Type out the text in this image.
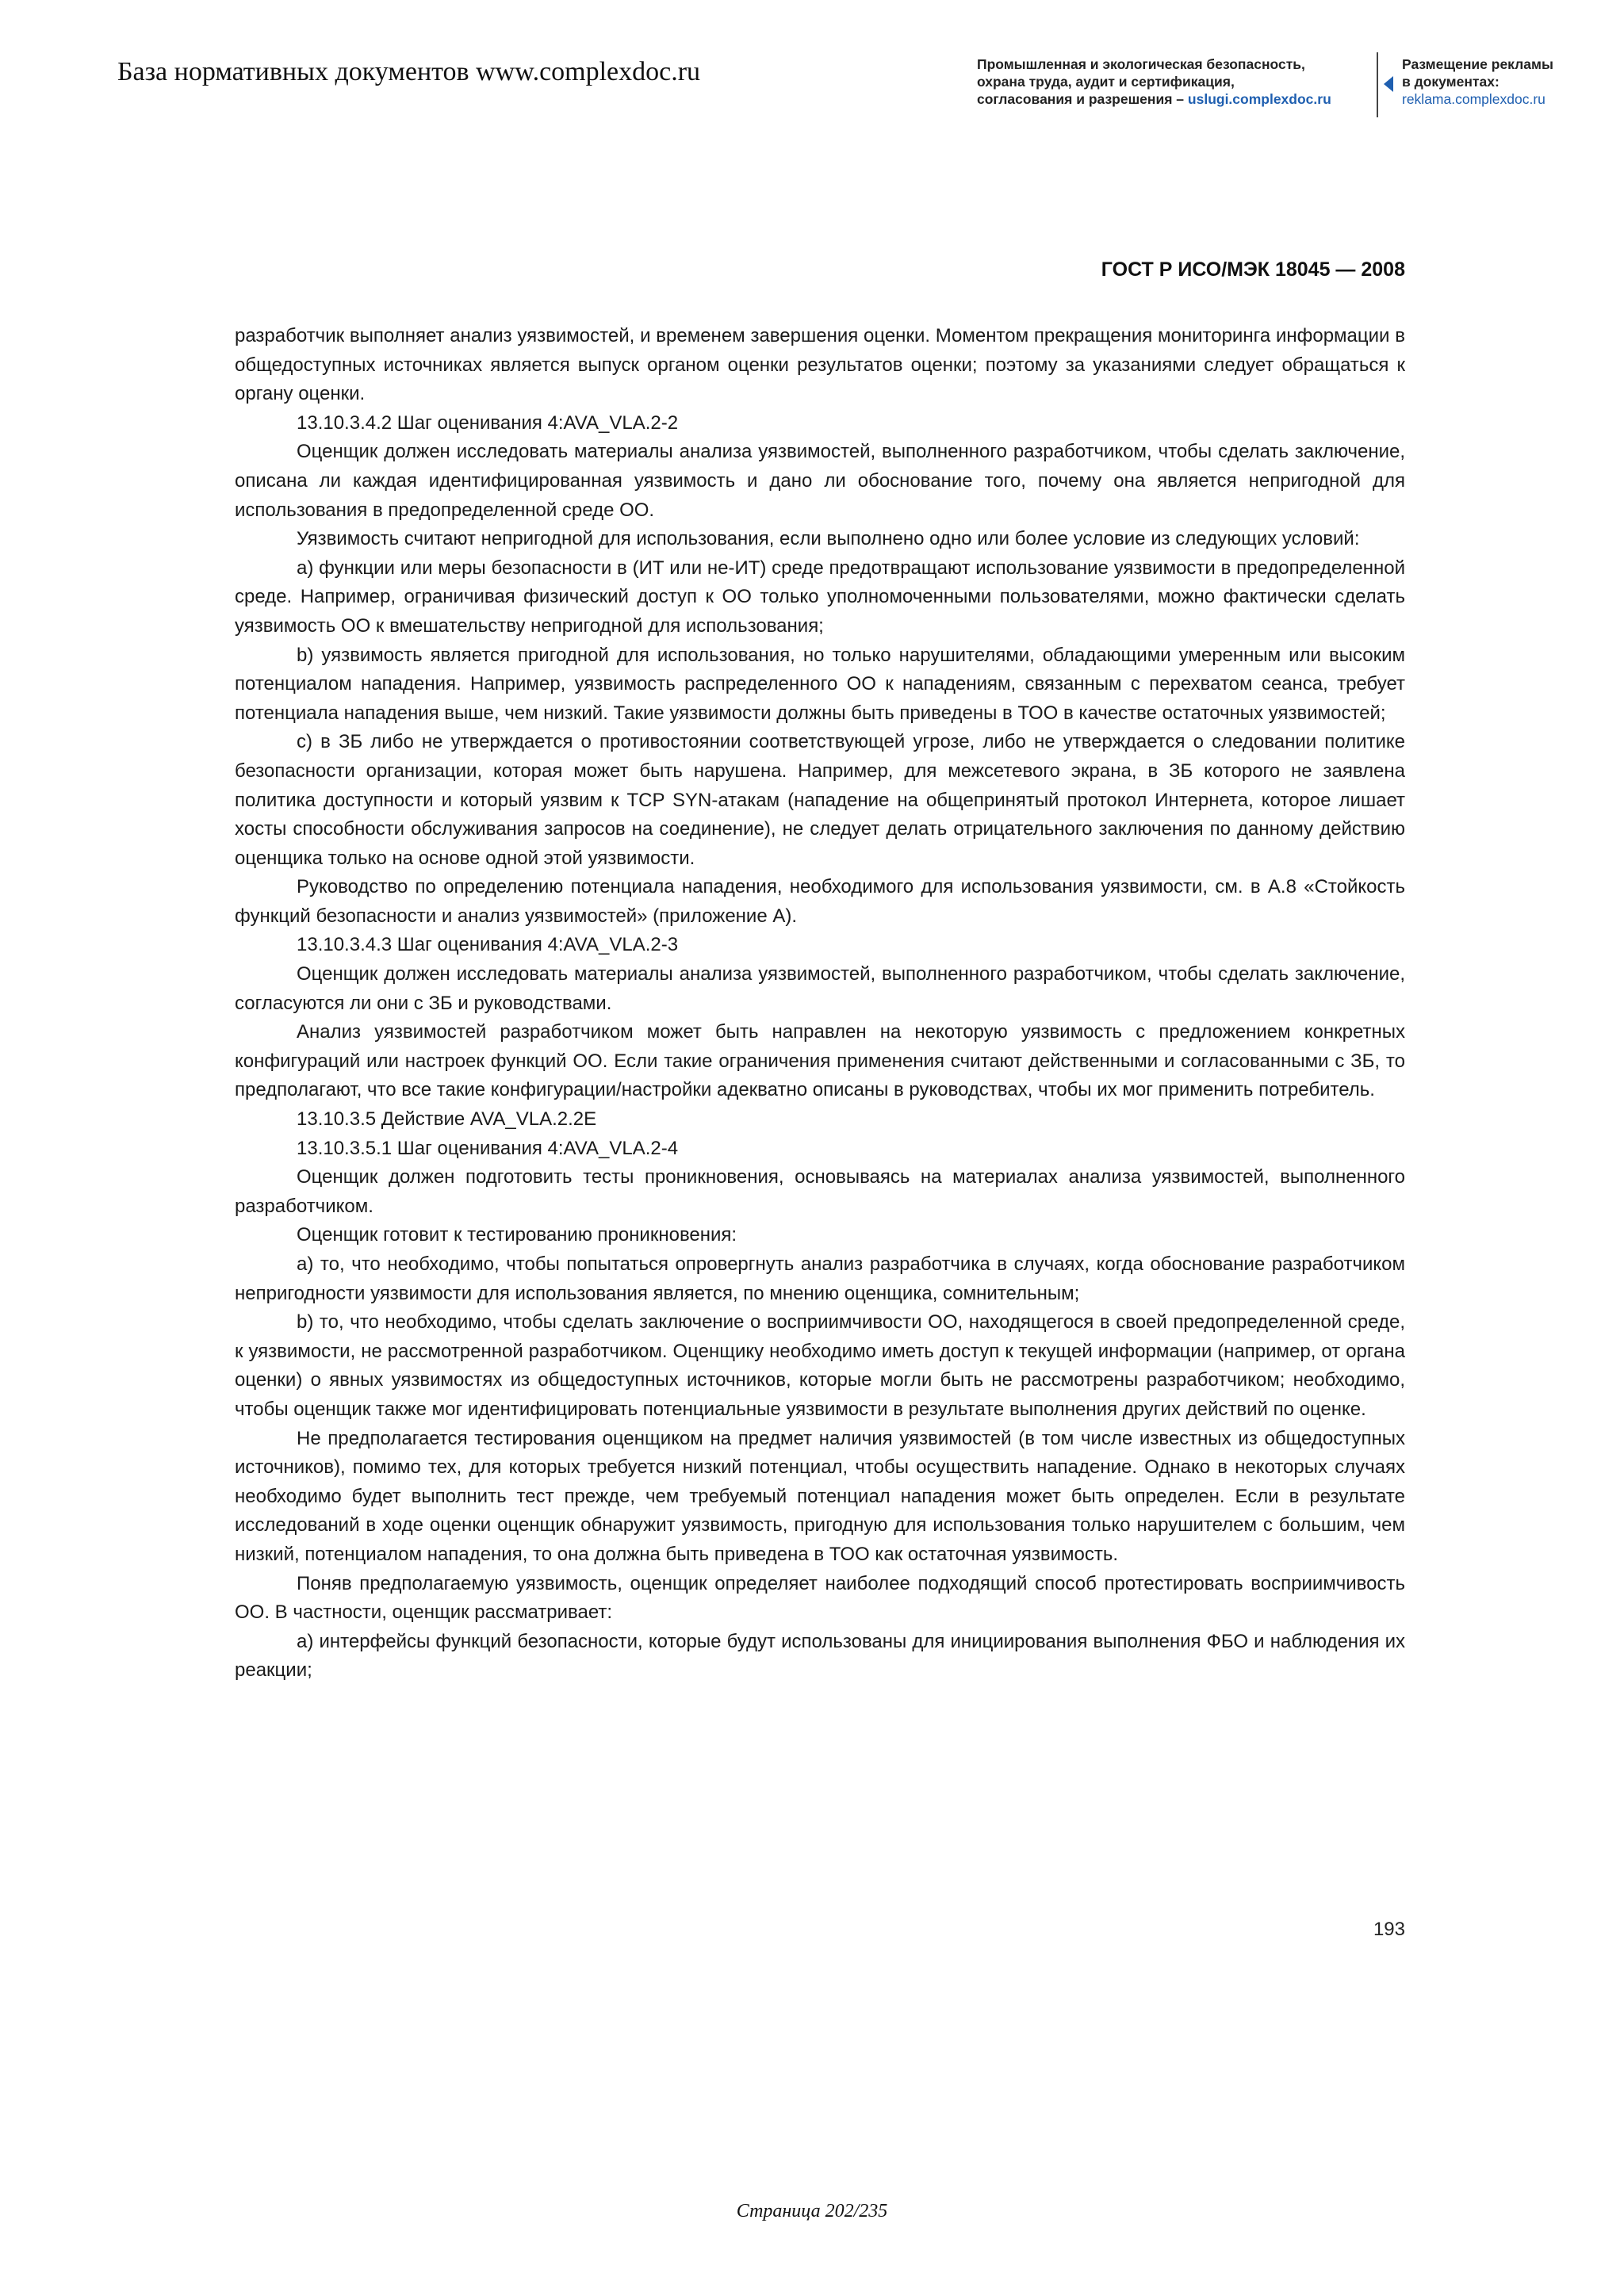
База нормативных документов www.complexdoc.ru	Промышленная и экологическая безопасность,
охрана труда, аудит и сертификация,
согласования и разрешения – uslugi.complexdoc.ru
Размещение рекламы
в документах:
reklama.complexdoc.ru
ГОСТ Р ИСО/МЭК 18045 — 2008

разработчик выполняет анализ уязвимостей, и временем завершения оценки. Моментом прекращения мониторинга информации в общедоступных источниках является выпуск органом оценки результатов оценки; поэтому за указаниями следует обращаться к органу оценки.

13.10.3.4.2 Шаг оценивания 4:AVA_VLA.2-2

Оценщик должен исследовать материалы анализа уязвимостей, выполненного разработчиком, чтобы сделать заключение, описана ли каждая идентифицированная уязвимость и дано ли обоснование того, почему она является непригодной для использования в предопределенной среде ОО.

Уязвимость считают непригодной для использования, если выполнено одно или более условие из следующих условий:

a) функции или меры безопасности в (ИТ или не-ИТ) среде предотвращают использование уязвимости в предопределенной среде. Например, ограничивая физический доступ к ОО только уполномоченными пользователями, можно фактически сделать уязвимость ОО к вмешательству непригодной для использования;

b) уязвимость является пригодной для использования, но только нарушителями, обладающими умеренным или высоким потенциалом нападения. Например, уязвимость распределенного ОО к нападениям, связанным с перехватом сеанса, требует потенциала нападения выше, чем низкий. Такие уязвимости должны быть приведены в ТОО в качестве остаточных уязвимостей;

c) в ЗБ либо не утверждается о противостоянии соответствующей угрозе, либо не утверждается о следовании политике безопасности организации, которая может быть нарушена. Например, для межсетевого экрана, в ЗБ которого не заявлена политика доступности и который уязвим к TCP SYN-атакам (нападение на общепринятый протокол Интернета, которое лишает хосты способности обслуживания запросов на соединение), не следует делать отрицательного заключения по данному действию оценщика только на основе одной этой уязвимости.

Руководство по определению потенциала нападения, необходимого для использования уязвимости, см. в А.8 «Стойкость функций безопасности и анализ уязвимостей» (приложение А).

13.10.3.4.3 Шаг оценивания 4:AVA_VLA.2-3

Оценщик должен исследовать материалы анализа уязвимостей, выполненного разработчиком, чтобы сделать заключение, согласуются ли они с ЗБ и руководствами.

Анализ уязвимостей разработчиком может быть направлен на некоторую уязвимость с предложением конкретных конфигураций или настроек функций ОО. Если такие ограничения применения считают действенными и согласованными с ЗБ, то предполагают, что все такие конфигурации/настройки адекватно описаны в руководствах, чтобы их мог применить потребитель.

13.10.3.5 Действие AVA_VLA.2.2E

13.10.3.5.1 Шаг оценивания 4:AVA_VLA.2-4

Оценщик должен подготовить тесты проникновения, основываясь на материалах анализа уязвимостей, выполненного разработчиком.

Оценщик готовит к тестированию проникновения:

a) то, что необходимо, чтобы попытаться опровергнуть анализ разработчика в случаях, когда обоснование разработчиком непригодности уязвимости для использования является, по мнению оценщика, сомнительным;

b) то, что необходимо, чтобы сделать заключение о восприимчивости ОО, находящегося в своей предопределенной среде, к уязвимости, не рассмотренной разработчиком. Оценщику необходимо иметь доступ к текущей информации (например, от органа оценки) о явных уязвимостях из общедоступных источников, которые могли быть не рассмотрены разработчиком; необходимо, чтобы оценщик также мог идентифицировать потенциальные уязвимости в результате выполнения других действий по оценке.

Не предполагается тестирования оценщиком на предмет наличия уязвимостей (в том числе известных из общедоступных источников), помимо тех, для которых требуется низкий потенциал, чтобы осуществить нападение. Однако в некоторых случаях необходимо будет выполнить тест прежде, чем требуемый потенциал нападения может быть определен. Если в результате исследований в ходе оценки оценщик обнаружит уязвимость, пригодную для использования только нарушителем с большим, чем низкий, потенциалом нападения, то она должна быть приведена в ТОО как остаточная уязвимость.

Поняв предполагаемую уязвимость, оценщик определяет наиболее подходящий способ протестировать восприимчивость ОО. В частности, оценщик рассматривает:

a) интерфейсы функций безопасности, которые будут использованы для инициирования выполнения ФБО и наблюдения их реакции;

193
Страница 202/235
